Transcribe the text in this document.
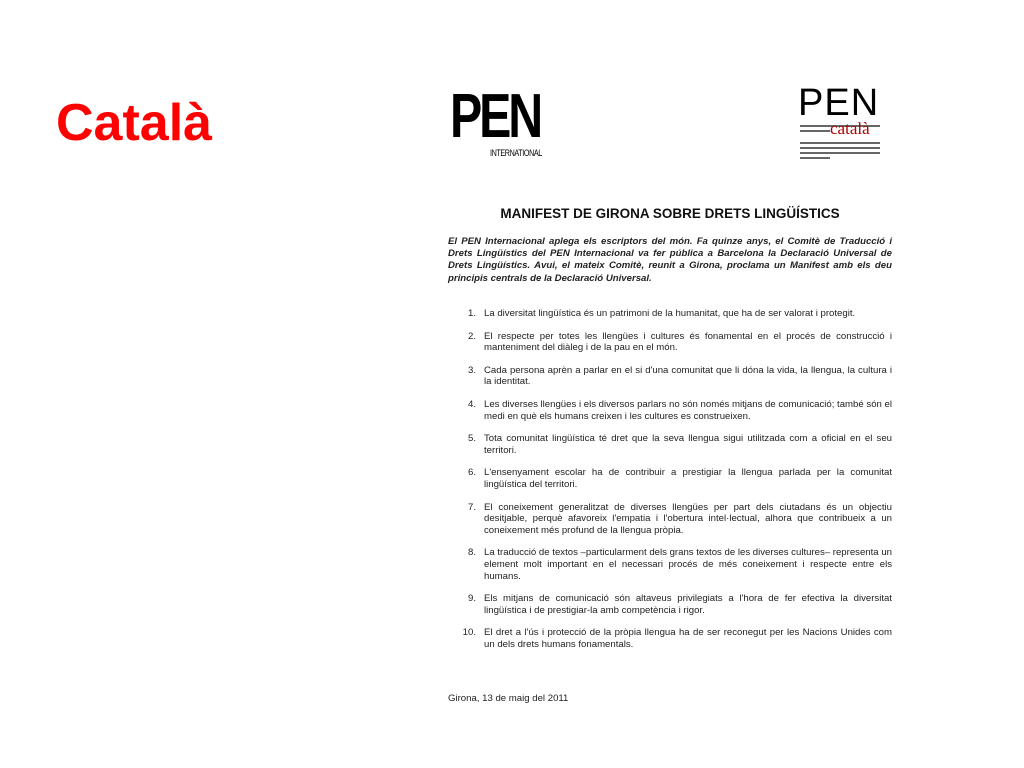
Català	PEN
INTERNATIONAL
PEN
català
MANIFEST DE GIRONA SOBRE DRETS LINGÜÍSTICS

El PEN Internacional aplega els escriptors del món. Fa quinze anys, el Comitè de Traducció i Drets Lingüístics del PEN Internacional va fer pública a Barcelona la Declaració Universal de Drets Lingüístics. Avui, el mateix Comitè, reunit a Girona, proclama un Manifest amb els deu principis centrals de la Declaració Universal.

1. La diversitat lingüística és un patrimoni de la humanitat, que ha de ser valorat i protegit.
2. El respecte per totes les llengües i cultures és fonamental en el procés de construcció i manteniment del diàleg i de la pau en el món.
3. Cada persona aprèn a parlar en el si d'una comunitat que li dóna la vida, la llengua, la cultura i la identitat.
4. Les diverses llengües i els diversos parlars no són només mitjans de comunicació; també són el medi en què els humans creixen i les cultures es construeixen.
5. Tota comunitat lingüística té dret que la seva llengua sigui utilitzada com a oficial en el seu territori.
6. L'ensenyament escolar ha de contribuir a prestigiar la llengua parlada per la comunitat lingüística del territori.
7. El coneixement generalitzat de diverses llengües per part dels ciutadans és un objectiu desitjable, perquè afavoreix l'empatia i l'obertura intel·lectual, alhora que contribueix a un coneixement més profund de la llengua pròpia.
8. La traducció de textos –particularment dels grans textos de les diverses cultures– representa un element molt important en el necessari procés de més coneixement i respecte entre els humans.
9. Els mitjans de comunicació són altaveus privilegiats a l'hora de fer efectiva la diversitat lingüística i de prestigiar-la amb competència i rigor.
10. El dret a l'ús i protecció de la pròpia llengua ha de ser reconegut per les Nacions Unides com un dels drets humans fonamentals.

Girona, 13 de maig del 2011
